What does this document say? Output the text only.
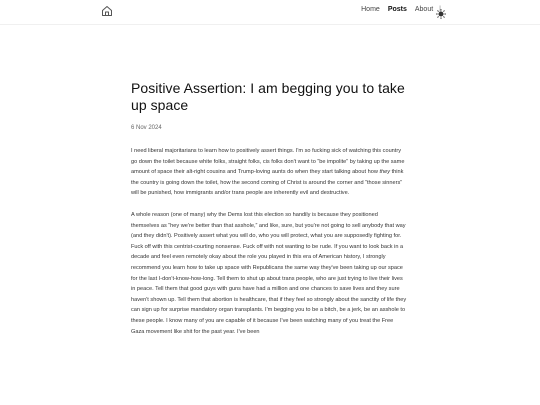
Home Posts About |
Positive Assertion: I am begging you to take up space
6 Nov 2024

I need liberal majoritarians to learn how to positively assert things. I'm so fucking sick of watching this country go down the toilet because white folks, straight folks, cis folks don't want to “be impolite” by taking up the same amount of space their alt-right cousins and Trump-loving aunts do when they start talking about how they think the country is going down the toilet, how the second coming of Christ is around the corner and “those sinners” will be punished, how immigrants and/or trans people are inherently evil and destructive.

A whole reason (one of many) why the Dems lost this election so handily is because they positioned themselves as “hey we're better than that asshole,” and like, sure, but you're not going to sell anybody that way (and they didn't). Positively assert what you will do, who you will protect, what you are supposedly fighting for. Fuck off with this centrist-courting nonsense. Fuck off with not wanting to be rude. If you want to look back in a decade and feel even remotely okay about the role you played in this era of American history, I strongly recommend you learn how to take up space with Republicans the same way they've been taking up our space for the last I-don't-know-how-long. Tell them to shut up about trans people, who are just trying to live their lives in peace. Tell them that good guys with guns have had a million and one chances to save lives and they sure haven't shown up. Tell them that abortion is healthcare, that if they feel so strongly about the sanctity of life they can sign up for surprise mandatory organ transplants. I'm begging you to be a bitch, be a jerk, be an asshole to these people. I know many of you are capable of it because I've been watching many of you treat the Free Gaza movement like shit for the past year. I've been
